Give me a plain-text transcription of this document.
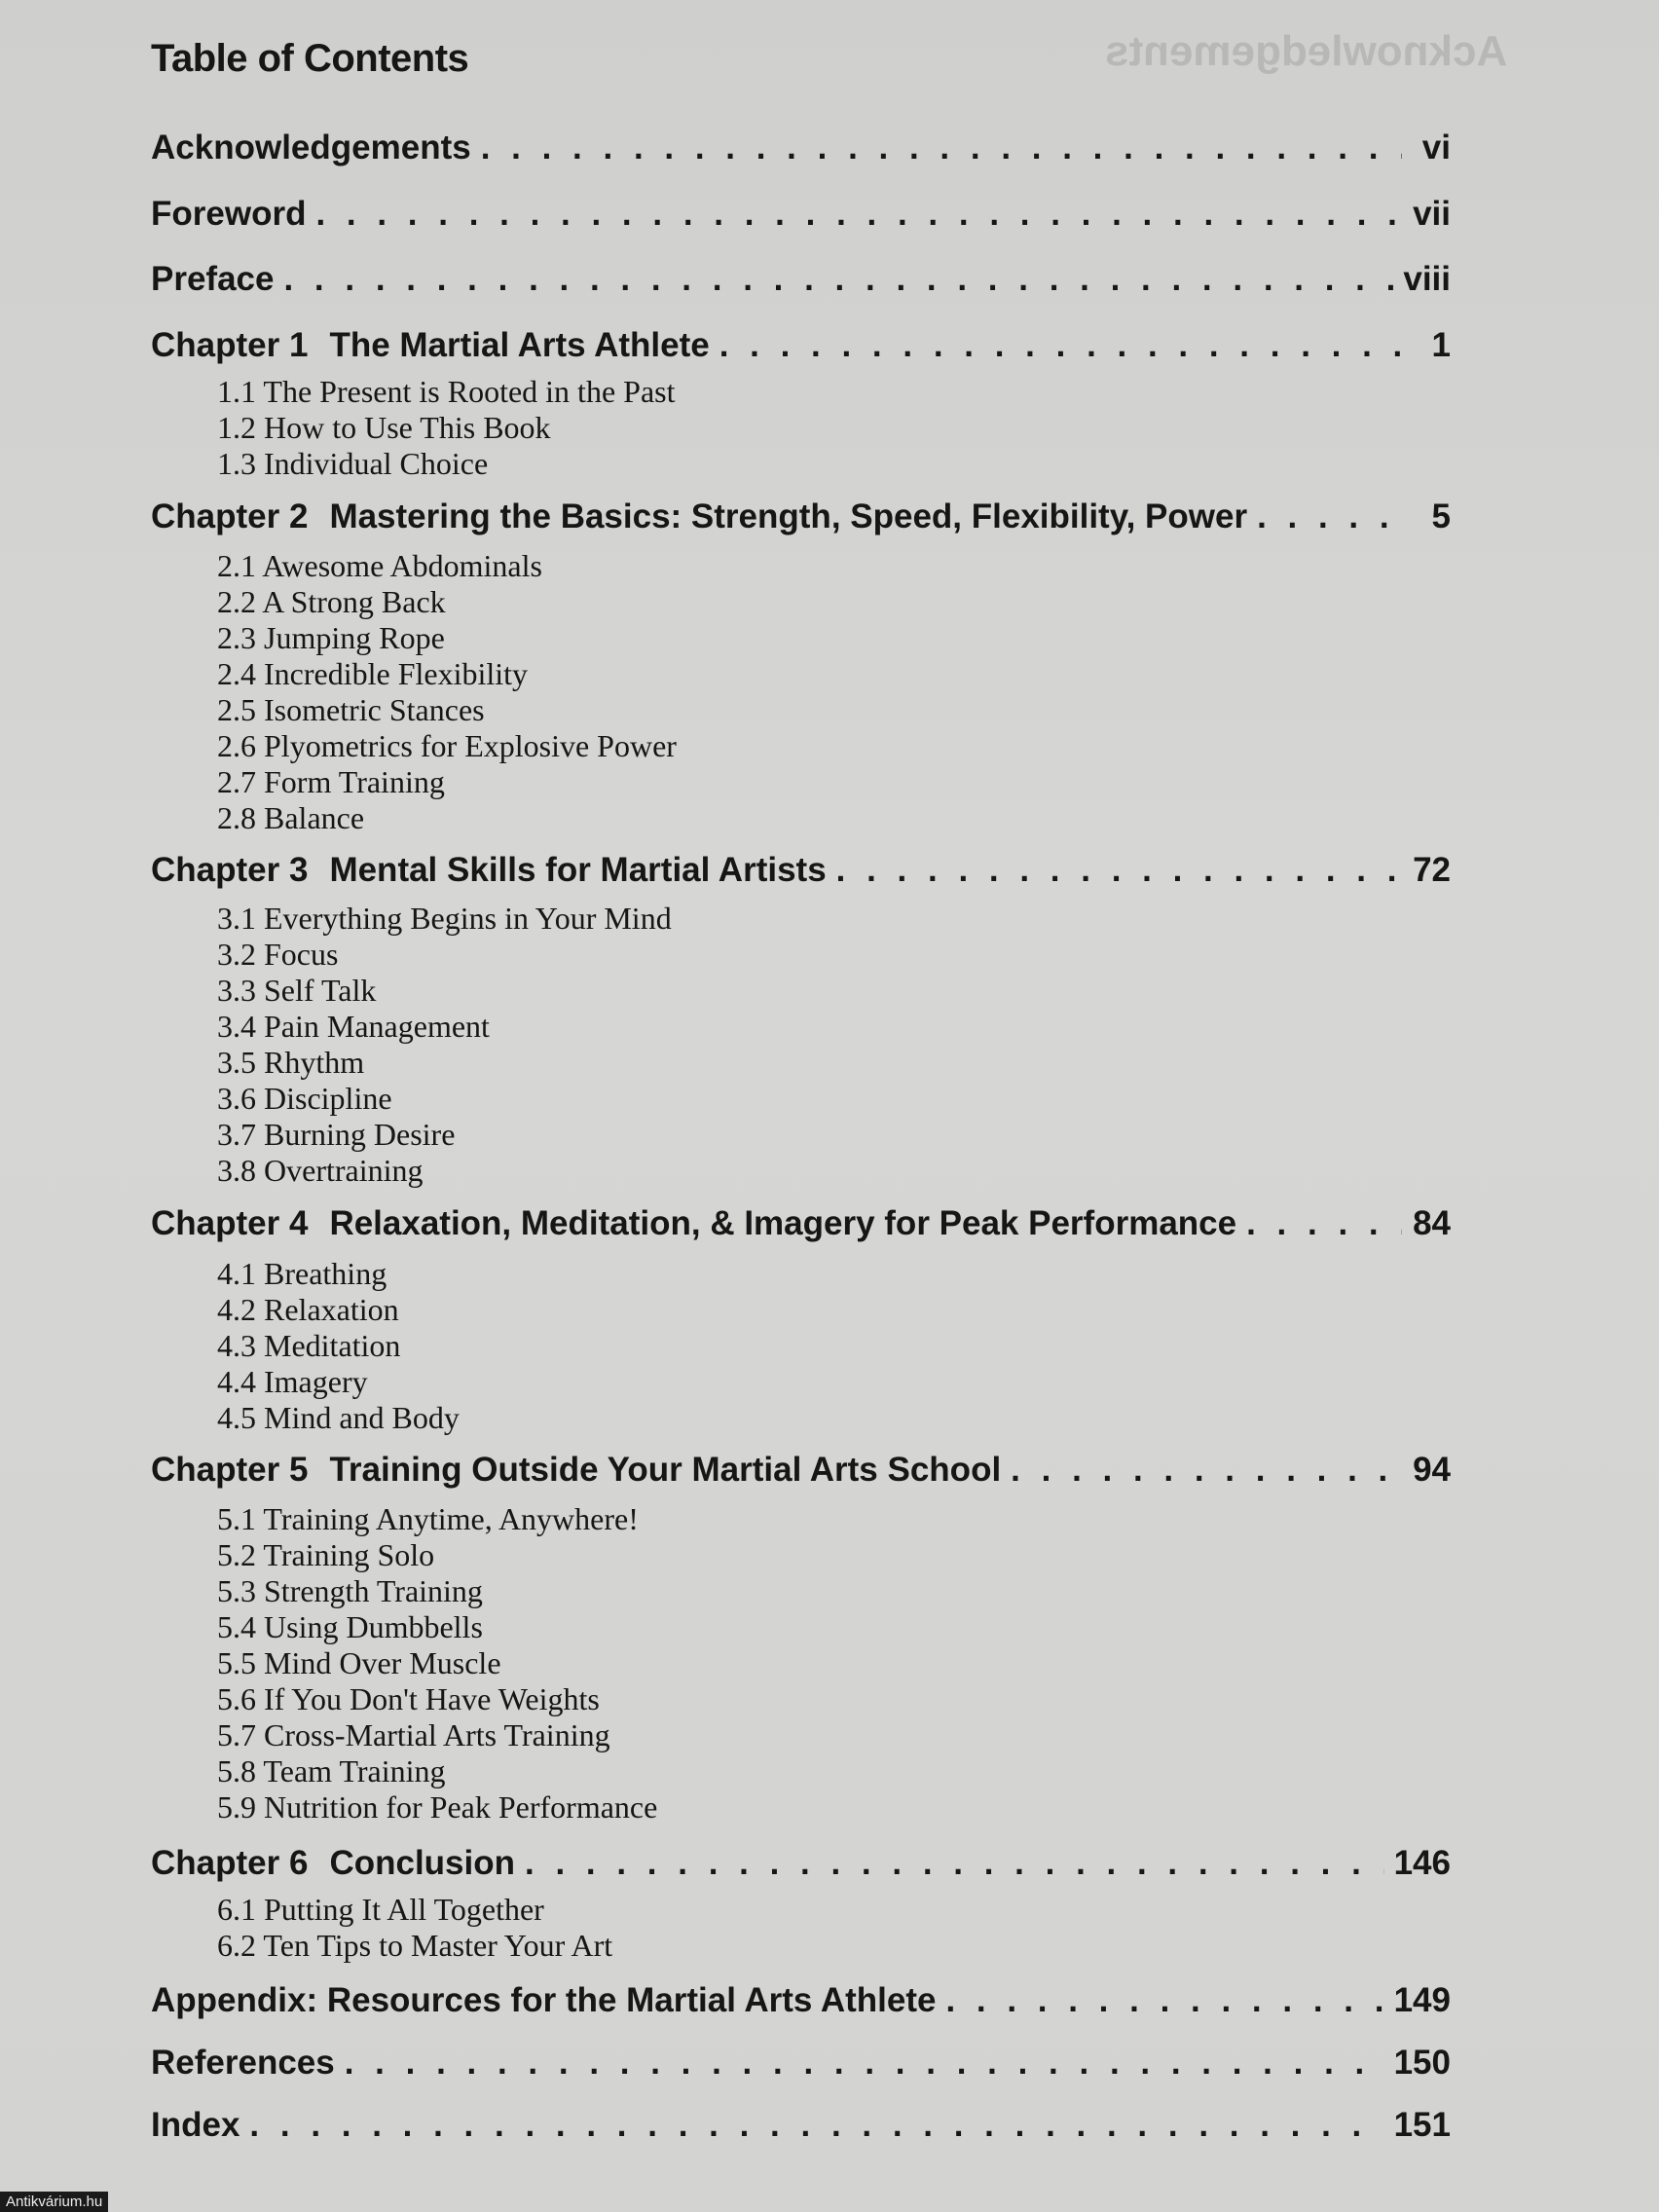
Acknowledgements
Table of Contents
Acknowledgements . . .	vi
Foreword . . .	vii
Preface . . .	viii
Chapter 1 The Martial Arts Athlete . . .	1
1.1 The Present is Rooted in the Past
1.2 How to Use This Book
1.3 Individual Choice
Chapter 2 Mastering the Basics: Strength, Speed, Flexibility, Power . . .	5
2.1 Awesome Abdominals
2.2 A Strong Back
2.3 Jumping Rope
2.4 Incredible Flexibility
2.5 Isometric Stances
2.6 Plyometrics for Explosive Power
2.7 Form Training
2.8 Balance
Chapter 3 Mental Skills for Martial Artists . . .	72
3.1 Everything Begins in Your Mind
3.2 Focus
3.3 Self Talk
3.4 Pain Management
3.5 Rhythm
3.6 Discipline
3.7 Burning Desire
3.8 Overtraining
Chapter 4 Relaxation, Meditation, & Imagery for Peak Performance . . .	84
4.1 Breathing
4.2 Relaxation
4.3 Meditation
4.4 Imagery
4.5 Mind and Body
Chapter 5 Training Outside Your Martial Arts School . . .	94
5.1 Training Anytime, Anywhere!
5.2 Training Solo
5.3 Strength Training
5.4 Using Dumbbells
5.5 Mind Over Muscle
5.6 If You Don't Have Weights
5.7 Cross-Martial Arts Training
5.8 Team Training
5.9 Nutrition for Peak Performance
Chapter 6 Conclusion . . .	146
6.1 Putting It All Together
6.2 Ten Tips to Master Your Art
Appendix: Resources for the Martial Arts Athlete . . .	149
References . . .	150
Index . . .	151
Antikvárium.hu
